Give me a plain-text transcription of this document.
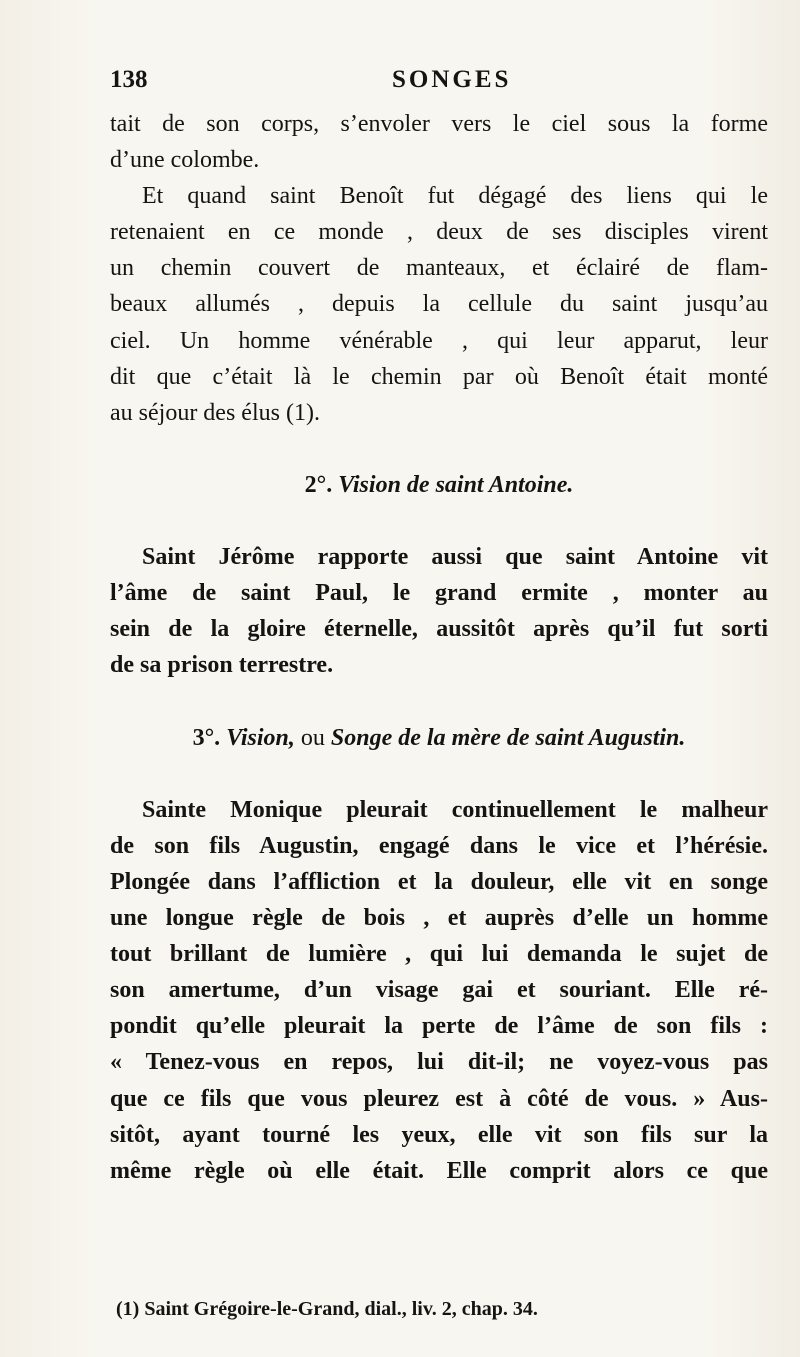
138	SONGES
tait de son corps, s’envoler vers le ciel sous la forme
d’une colombe.
Et quand saint Benoît fut dégagé des liens qui le
retenaient en ce monde , deux de ses disciples virent
un chemin couvert de manteaux, et éclairé de flam-
beaux allumés , depuis la cellule du saint jusqu’au
ciel. Un homme vénérable , qui leur apparut, leur
dit que c’était là le chemin par où Benoît était monté
au séjour des élus (1).
2°. Vision de saint Antoine.
Saint Jérôme rapporte aussi que saint Antoine vit
l’âme de saint Paul, le grand ermite , monter au
sein de la gloire éternelle, aussitôt après qu’il fut sorti
de sa prison terrestre.
3°. Vision, ou Songe de la mère de saint Augustin.
Sainte Monique pleurait continuellement le malheur
de son fils Augustin, engagé dans le vice et l’hérésie.
Plongée dans l’affliction et la douleur, elle vit en songe
une longue règle de bois , et auprès d’elle un homme
tout brillant de lumière , qui lui demanda le sujet de
son amertume, d’un visage gai et souriant. Elle ré-
pondit qu’elle pleurait la perte de l’âme de son fils :
« Tenez-vous en repos, lui dit-il; ne voyez-vous pas
que ce fils que vous pleurez est à côté de vous. » Aus-
sitôt, ayant tourné les yeux, elle vit son fils sur la
même règle où elle était. Elle comprit alors ce que
(1) Saint Grégoire-le-Grand, dial., liv. 2, chap. 34.
